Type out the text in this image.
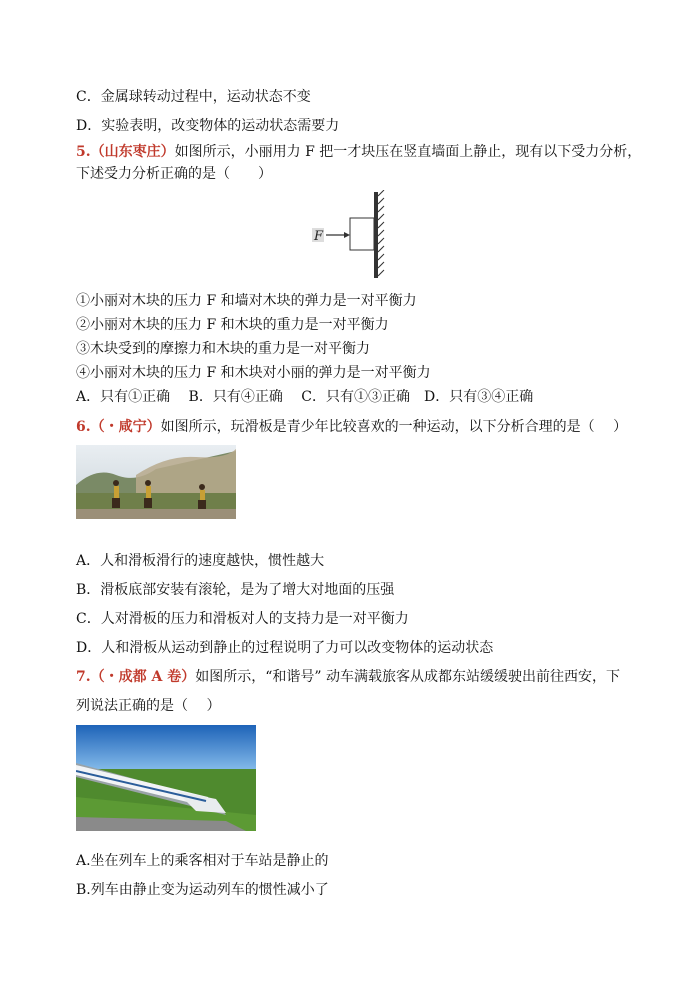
C．金属球转动过程中，运动状态不变
D．实验表明，改变物体的运动状态需要力
5.（山东枣庄）如图所示，小丽用力 F 把一才块压在竖直墙面上静止，现有以下受力分析，
下述受力分析正确的是（　　）
F
①小丽对木块的压力 F 和墙对木块的弹力是一对平衡力
②小丽对木块的压力 F 和木块的重力是一对平衡力
③木块受到的摩擦力和木块的重力是一对平衡力
④小丽对木块的压力 F 和木块对小丽的弹力是一对平衡力
A．只有①正确　 B．只有④正确　 C．只有①③正确　D．只有③④正确
6.（・咸宁）如图所示，玩滑板是青少年比较喜欢的一种运动，以下分析合理的是（　 ）
A．人和滑板滑行的速度越快，惯性越大
B．滑板底部安装有滚轮，是为了增大对地面的压强
C．人对滑板的压力和滑板对人的支持力是一对平衡力
D．人和滑板从运动到静止的过程说明了力可以改变物体的运动状态
7.（・成都 A 卷）如图所示，“和谐号” 动车满载旅客从成都东站缓缓驶出前往西安，下
列说法正确的是（　 ）
A.坐在列车上的乘客相对于车站是静止的
B.列车由静止变为运动列车的惯性减小了
